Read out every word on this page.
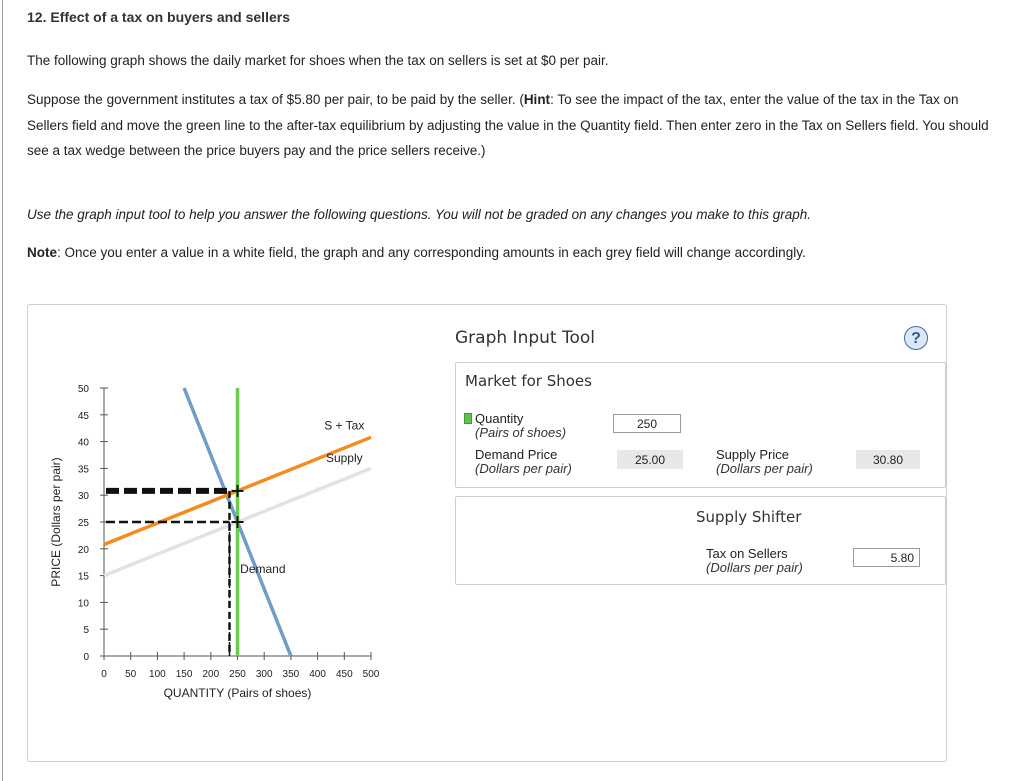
12. Effect of a tax on buyers and sellers
The following graph shows the daily market for shoes when the tax on sellers is set at $0 per pair.
Suppose the government institutes a tax of $5.80 per pair, to be paid by the seller. (Hint: To see the impact of the tax, enter the value of the tax in the Tax on Sellers field and move the green line to the after-tax equilibrium by adjusting the value in the Quantity field. Then enter zero in the Tax on Sellers field. You should see a tax wedge between the price buyers pay and the price sellers receive.)
Use the graph input tool to help you answer the following questions. You will not be graded on any changes you make to this graph.
Note: Once you enter a value in a white field, the graph and any corresponding amounts in each grey field will change accordingly.
0
5
10
15
20
25
30
35
40
45
50
0 50 100 150 200 250 300 350 400 450 500
QUANTITY (Pairs of shoes)
PRICE (Dollars per pair)
S + Tax
Supply
Demand
Graph Input Tool	?
Market for Shoes
Quantity
(Pairs of shoes)
250
Demand Price
(Dollars per pair)
25.00	Supply Price
(Dollars per pair)
30.80
Supply Shifter
Tax on Sellers
(Dollars per pair)
5.80
